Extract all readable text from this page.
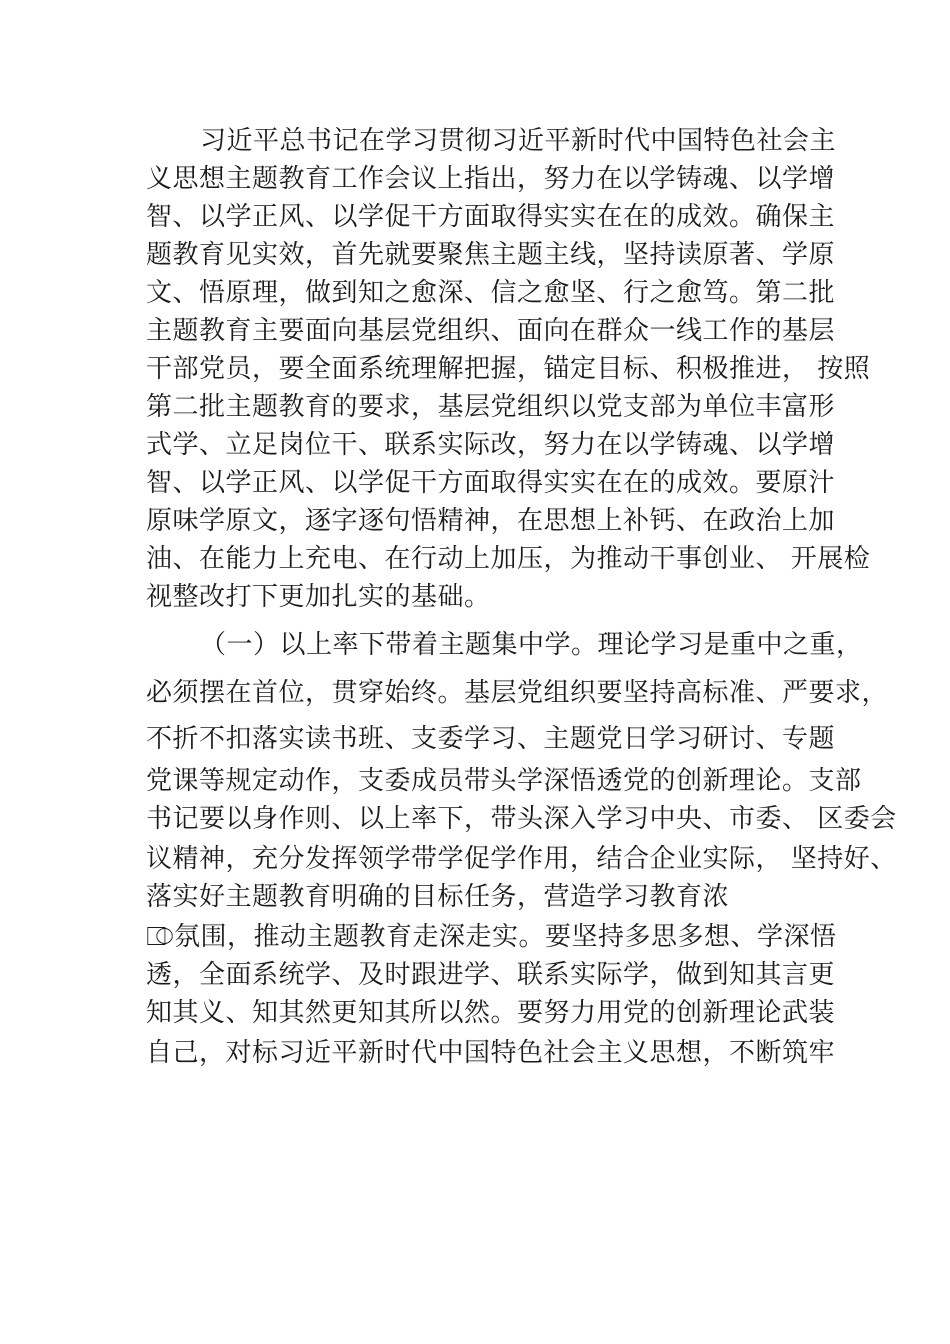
习近平总书记在学习贯彻习近平新时代中国特色社会主
义思想主题教育工作会议上指出，努力在以学铸魂、以学增
智、以学正风、以学促干方面取得实实在在的成效。确保主
题教育见实效，首先就要聚焦主题主线，坚持读原著、学原
文、悟原理，做到知之愈深、信之愈坚、行之愈笃。第二批
主题教育主要面向基层党组织、面向在群众一线工作的基层
干部党员，要全面系统理解把握，锚定目标、积极推进， 按照
第二批主题教育的要求，基层党组织以党支部为单位丰富形
式学、立足岗位干、联系实际改，努力在以学铸魂、以学增
智、以学正风、以学促干方面取得实实在在的成效。要原汁
原味学原文，逐字逐句悟精神，在思想上补钙、在政治上加
油、在能力上充电、在行动上加压，为推动干事创业、 开展检
视整改打下更加扎实的基础。
（一）以上率下带着主题集中学。理论学习是重中之重，
必须摆在首位，贯穿始终。基层党组织要坚持高标准、严要求，
不折不扣落实读书班、支委学习、主题党日学习研讨、专题
党课等规定动作，支委成员带头学深悟透党的创新理论。支部
书记要以身作则、以上率下，带头深入学习中央、市委、 区委会
议精神，充分发挥领学带学促学作用，结合企业实际， 坚持好、
落实好主题教育明确的目标任务，营造学习教育浓
⎄氛围，推动主题教育走深走实。要坚持多思多想、学深悟
透，全面系统学、及时跟进学、联系实际学，做到知其言更
知其义、知其然更知其所以然。要努力用党的创新理论武装
自己，对标习近平新时代中国特色社会主义思想，不断筑牢
